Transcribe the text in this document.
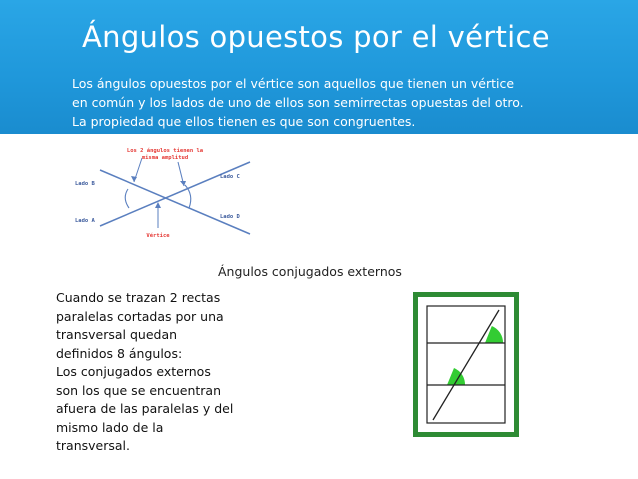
Ángulos opuestos por el vértice
Los ángulos opuestos por el vértice son aquellos que tienen un vértice
en común y los lados de uno de ellos son semirrectas opuestas del otro.
La propiedad que ellos tienen es que son congruentes.
Los 2 ángulos tienen la
misma amplitud
Lado B
Lado C
Lado A
Lado D
Vértice
Ángulos conjugados externos
Cuando se trazan 2 rectas
paralelas cortadas por una
transversal quedan
definidos 8 ángulos:
Los conjugados externos
son los que se encuentran
afuera de las paralelas y del
mismo lado de la
transversal.
